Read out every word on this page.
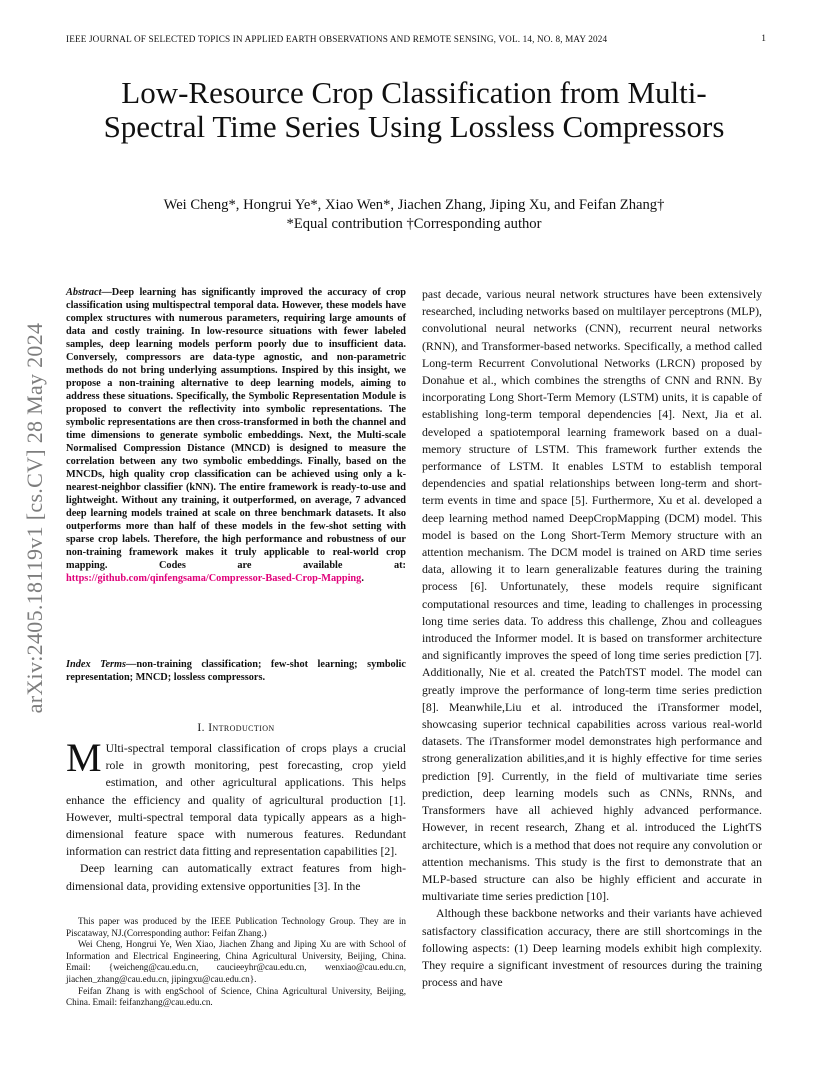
IEEE JOURNAL OF SELECTED TOPICS IN APPLIED EARTH OBSERVATIONS AND REMOTE SENSING, VOL. 14, NO. 8, MAY 2024	1
arXiv:2405.18119v1 [cs.CV] 28 May 2024
Low-Resource Crop Classification from Multi-Spectral Time Series Using Lossless Compressors
Wei Cheng*, Hongrui Ye*, Xiao Wen*, Jiachen Zhang, Jiping Xu, and Feifan Zhang†
*Equal contribution †Corresponding author
Abstract—Deep learning has significantly improved the accuracy of crop classification using multispectral temporal data. However, these models have complex structures with numerous parameters, requiring large amounts of data and costly training. In low-resource situations with fewer labeled samples, deep learning models perform poorly due to insufficient data. Conversely, compressors are data-type agnostic, and non-parametric methods do not bring underlying assumptions. Inspired by this insight, we propose a non-training alternative to deep learning models, aiming to address these situations. Specifically, the Symbolic Representation Module is proposed to convert the reflectivity into symbolic representations. The symbolic representations are then cross-transformed in both the channel and time dimensions to generate symbolic embeddings. Next, the Multi-scale Normalised Compression Distance (MNCD) is designed to measure the correlation between any two symbolic embeddings. Finally, based on the MNCDs, high quality crop classification can be achieved using only a k-nearest-neighbor classifier (kNN). The entire framework is ready-to-use and lightweight. Without any training, it outperformed, on average, 7 advanced deep learning models trained at scale on three benchmark datasets. It also outperforms more than half of these models in the few-shot setting with sparse crop labels. Therefore, the high performance and robustness of our non-training framework makes it truly applicable to real-world crop mapping. Codes are available at: https://github.com/qinfengsama/Compressor-Based-Crop-Mapping.
Index Terms—non-training classification; few-shot learning; symbolic representation; MNCD; lossless compressors.
I. Introduction

M Ulti-spectral temporal classification of crops plays a crucial role in growth monitoring, pest forecasting, crop yield estimation, and other agricultural applications. This helps enhance the efficiency and quality of agricultural production [1]. However, multi-spectral temporal data typically appears as a high-dimensional feature space with numerous features. Redundant information can restrict data fitting and representation capabilities [2].

Deep learning can automatically extract features from high-dimensional data, providing extensive opportunities [3]. In the

This paper was produced by the IEEE Publication Technology Group. They are in Piscataway, NJ.(Corresponding author: Feifan Zhang.)

Wei Cheng, Hongrui Ye, Wen Xiao, Jiachen Zhang and Jiping Xu are with School of Information and Electrical Engineering, China Agricultural University, Beijing, China. Email: {weicheng@cau.edu.cn, caucieeyhr@cau.edu.cn, wenxiao@cau.edu.cn, jiachen_zhang@cau.edu.cn, jipingxu@cau.edu.cn}.

Feifan Zhang is with engSchool of Science, China Agricultural University, Beijing, China. Email: feifanzhang@cau.edu.cn.

past decade, various neural network structures have been extensively researched, including networks based on multilayer perceptrons (MLP), convolutional neural networks (CNN), recurrent neural networks (RNN), and Transformer-based networks. Specifically, a method called Long-term Recurrent Convolutional Networks (LRCN) proposed by Donahue et al., which combines the strengths of CNN and RNN. By incorporating Long Short-Term Memory (LSTM) units, it is capable of establishing long-term temporal dependencies [4]. Next, Jia et al. developed a spatiotemporal learning framework based on a dual-memory structure of LSTM. This framework further extends the performance of LSTM. It enables LSTM to establish temporal dependencies and spatial relationships between long-term and short-term events in time and space [5]. Furthermore, Xu et al. developed a deep learning method named DeepCropMapping (DCM) model. This model is based on the Long Short-Term Memory structure with an attention mechanism. The DCM model is trained on ARD time series data, allowing it to learn generalizable features during the training process [6]. Unfortunately, these models require significant computational resources and time, leading to challenges in processing long time series data. To address this challenge, Zhou and colleagues introduced the Informer model. It is based on transformer architecture and significantly improves the speed of long time series prediction [7]. Additionally, Nie et al. created the PatchTST model. The model can greatly improve the performance of long-term time series prediction [8]. Meanwhile,Liu et al. introduced the iTransformer model, showcasing superior technical capabilities across various real-world datasets. The iTransformer model demonstrates high performance and strong generalization abilities,and it is highly effective for time series prediction [9]. Currently, in the field of multivariate time series prediction, deep learning models such as CNNs, RNNs, and Transformers have all achieved highly advanced performance. However, in recent research, Zhang et al. introduced the LightTS architecture, which is a method that does not require any convolution or attention mechanisms. This study is the first to demonstrate that an MLP-based structure can also be highly efficient and accurate in multivariate time series prediction [10].

Although these backbone networks and their variants have achieved satisfactory classification accuracy, there are still shortcomings in the following aspects: (1) Deep learning models exhibit high complexity. They require a significant investment of resources during the training process and have
